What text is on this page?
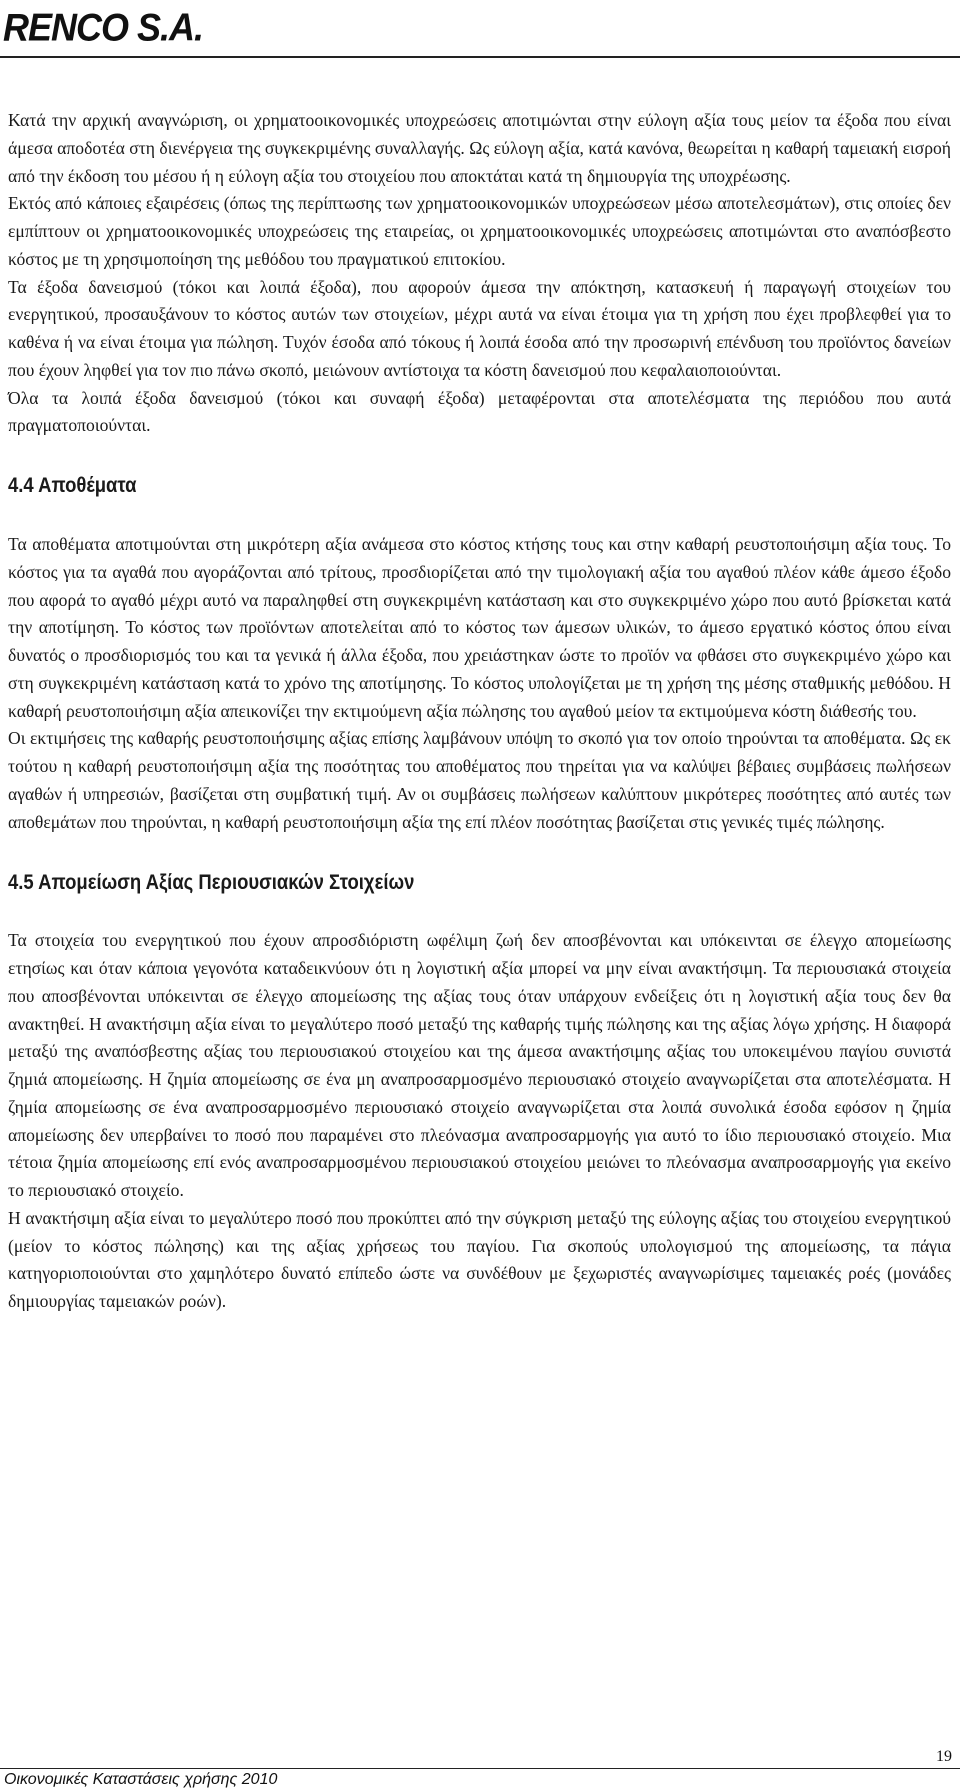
RENCO S.A.

Κατά την αρχική αναγνώριση, οι χρηματοοικονομικές υποχρεώσεις αποτιμώνται στην εύλογη αξία τους μείον τα έξοδα που είναι άμεσα αποδοτέα στη διενέργεια της συγκεκριμένης συναλλαγής. Ως εύλογη αξία, κατά κανόνα, θεωρείται η καθαρή ταμειακή εισροή από την έκδοση του μέσου ή η εύλογη αξία του στοιχείου που αποκτάται κατά τη δημιουργία της υποχρέωσης.

Εκτός από κάποιες εξαιρέσεις (όπως της περίπτωσης των χρηματοοικονομικών υποχρεώσεων μέσω αποτελεσμάτων), στις οποίες δεν εμπίπτουν οι χρηματοοικονομικές υποχρεώσεις της εταιρείας, οι χρηματοοικονομικές υποχρεώσεις αποτιμώνται στο αναπόσβεστο κόστος με τη χρησιμοποίηση της μεθόδου του πραγματικού επιτοκίου.

Τα έξοδα δανεισμού (τόκοι και λοιπά έξοδα), που αφορούν άμεσα την απόκτηση, κατασκευή ή παραγωγή στοιχείων του ενεργητικού, προσαυξάνουν το κόστος αυτών των στοιχείων, μέχρι αυτά να είναι έτοιμα για τη χρήση που έχει προβλεφθεί για το καθένα ή να είναι έτοιμα για πώληση. Τυχόν έσοδα από τόκους ή λοιπά έσοδα από την προσωρινή επένδυση του προϊόντος δανείων που έχουν ληφθεί για τον πιο πάνω σκοπό, μειώνουν αντίστοιχα τα κόστη δανεισμού που κεφαλαιοποιούνται.

Όλα τα λοιπά έξοδα δανεισμού (τόκοι και συναφή έξοδα) μεταφέρονται στα αποτελέσματα της περιόδου που αυτά πραγματοποιούνται.

4.4 Αποθέματα

Τα αποθέματα αποτιμούνται στη μικρότερη αξία ανάμεσα στο κόστος κτήσης τους και στην καθαρή ρευστοποιήσιμη αξία τους. Το κόστος για τα αγαθά που αγοράζονται από τρίτους, προσδιορίζεται από την τιμολογιακή αξία του αγαθού πλέον κάθε άμεσο έξοδο που αφορά το αγαθό μέχρι αυτό να παραληφθεί στη συγκεκριμένη κατάσταση και στο συγκεκριμένο χώρο που αυτό βρίσκεται κατά την αποτίμηση. Το κόστος των προϊόντων αποτελείται από το κόστος των άμεσων υλικών, το άμεσο εργατικό κόστος όπου είναι δυνατός ο προσδιορισμός του και τα γενικά ή άλλα έξοδα, που χρειάστηκαν ώστε το προϊόν να φθάσει στο συγκεκριμένο χώρο και στη συγκεκριμένη κατάσταση κατά το χρόνο της αποτίμησης. Το κόστος υπολογίζεται με τη χρήση της μέσης σταθμικής μεθόδου. Η καθαρή ρευστοποιήσιμη αξία απεικονίζει την εκτιμούμενη αξία πώλησης του αγαθού μείον τα εκτιμούμενα κόστη διάθεσής του.

Οι εκτιμήσεις της καθαρής ρευστοποιήσιμης αξίας επίσης λαμβάνουν υπόψη το σκοπό για τον οποίο τηρούνται τα αποθέματα. Ως εκ τούτου η καθαρή ρευστοποιήσιμη αξία της ποσότητας του αποθέματος που τηρείται για να καλύψει βέβαιες συμβάσεις πωλήσεων αγαθών ή υπηρεσιών, βασίζεται στη συμβατική τιμή. Αν οι συμβάσεις πωλήσεων καλύπτουν μικρότερες ποσότητες από αυτές των αποθεμάτων που τηρούνται, η καθαρή ρευστοποιήσιμη αξία της επί πλέον ποσότητας βασίζεται στις γενικές τιμές πώλησης.

4.5 Απομείωση Αξίας Περιουσιακών Στοιχείων

Τα στοιχεία του ενεργητικού που έχουν απροσδιόριστη ωφέλιμη ζωή δεν αποσβένονται και υπόκεινται σε έλεγχο απομείωσης ετησίως και όταν κάποια γεγονότα καταδεικνύουν ότι η λογιστική αξία μπορεί να μην είναι ανακτήσιμη. Τα περιουσιακά στοιχεία που αποσβένονται υπόκεινται σε έλεγχο απομείωσης της αξίας τους όταν υπάρχουν ενδείξεις ότι η λογιστική αξία τους δεν θα ανακτηθεί. Η ανακτήσιμη αξία είναι το μεγαλύτερο ποσό μεταξύ της καθαρής τιμής πώλησης και της αξίας λόγω χρήσης. Η διαφορά μεταξύ της αναπόσβεστης αξίας του περιουσιακού στοιχείου και της άμεσα ανακτήσιμης αξίας του υποκειμένου παγίου συνιστά ζημιά απομείωσης. Η ζημία απομείωσης σε ένα μη αναπροσαρμοσμένο περιουσιακό στοιχείο αναγνωρίζεται στα αποτελέσματα. Η ζημία απομείωσης σε ένα αναπροσαρμοσμένο περιουσιακό στοιχείο αναγνωρίζεται στα λοιπά συνολικά έσοδα εφόσον η ζημία απομείωσης δεν υπερβαίνει το ποσό που παραμένει στο πλεόνασμα αναπροσαρμογής για αυτό το ίδιο περιουσιακό στοιχείο. Μια τέτοια ζημία απομείωσης επί ενός αναπροσαρμοσμένου περιουσιακού στοιχείου μειώνει το πλεόνασμα αναπροσαρμογής για εκείνο το περιουσιακό στοιχείο.

Η ανακτήσιμη αξία είναι το μεγαλύτερο ποσό που προκύπτει από την σύγκριση μεταξύ της εύλογης αξίας του στοιχείου ενεργητικού (μείον το κόστος πώλησης) και της αξίας χρήσεως του παγίου. Για σκοπούς υπολογισμού της απομείωσης, τα πάγια κατηγοριοποιούνται στο χαμηλότερο δυνατό επίπεδο ώστε να συνδέθουν με ξεχωριστές αναγνωρίσιμες ταμειακές ροές (μονάδες δημιουργίας ταμειακών ροών).

19
Οικονομικές Καταστάσεις χρήσης 2010
